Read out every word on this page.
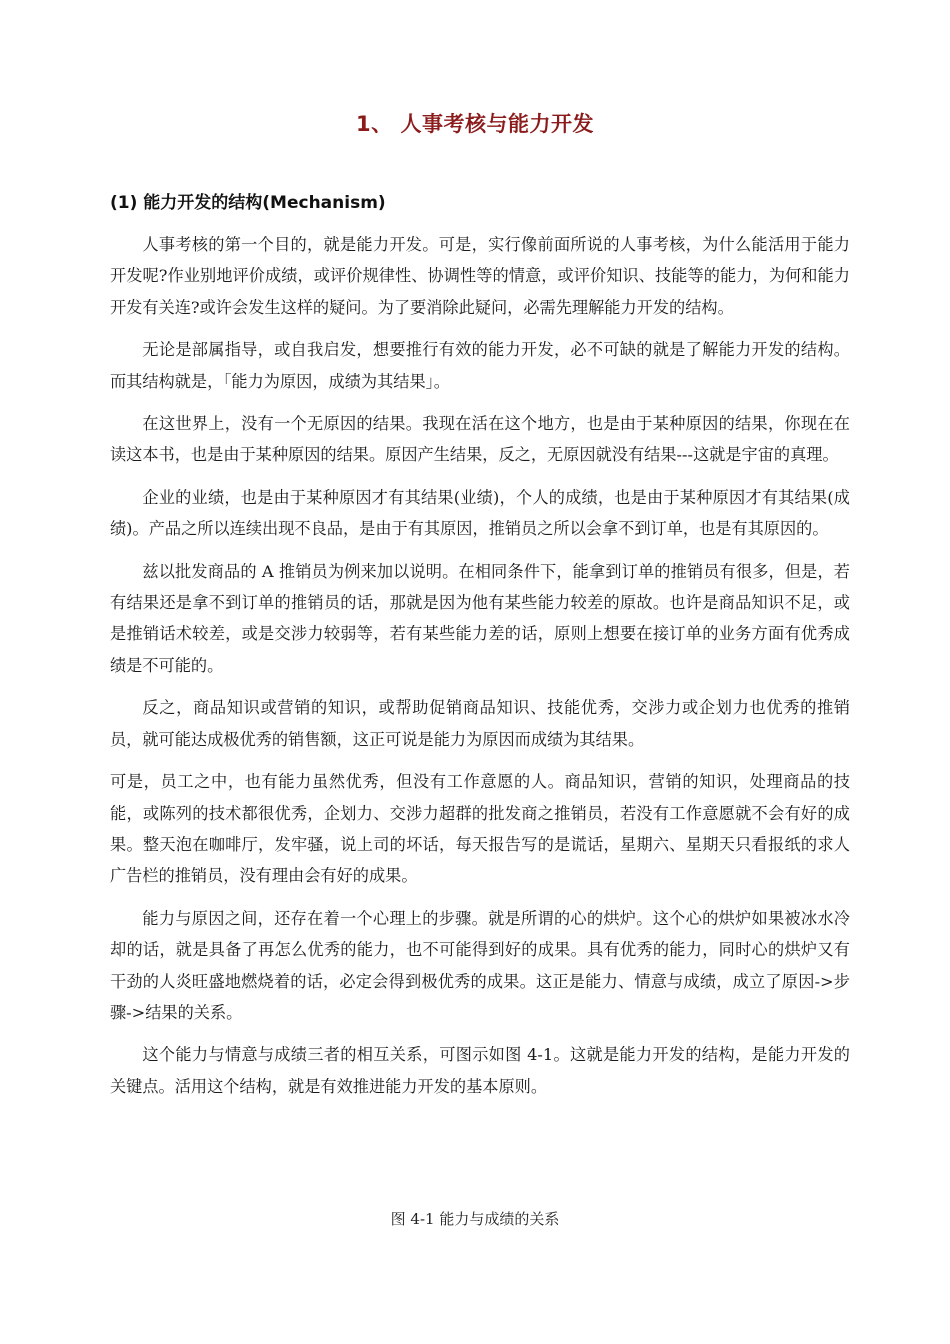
1、 人事考核与能力开发
(1) 能力开发的结构(Mechanism)

人事考核的第一个目的，就是能力开发。可是，实行像前面所说的人事考核，为什么能活用于能力开发呢?作业别地评价成绩，或评价规律性、协调性等的情意，或评价知识、技能等的能力，为何和能力开发有关连?或许会发生这样的疑问。为了要消除此疑问，必需先理解能力开发的结构。

无论是部属指导，或自我启发，想要推行有效的能力开发，必不可缺的就是了解能力开发的结构。而其结构就是，「能力为原因，成绩为其结果」。

在这世界上，没有一个无原因的结果。我现在活在这个地方，也是由于某种原因的结果，你现在在读这本书，也是由于某种原因的结果。原因产生结果，反之，无原因就没有结果---这就是宇宙的真理。

企业的业绩，也是由于某种原因才有其结果(业绩)，个人的成绩，也是由于某种原因才有其结果(成绩)。产品之所以连续出现不良品，是由于有其原因，推销员之所以会拿不到订单，也是有其原因的。

兹以批发商品的 A 推销员为例来加以说明。在相同条件下，能拿到订单的推销员有很多，但是，若有结果还是拿不到订单的推销员的话，那就是因为他有某些能力较差的原故。也许是商品知识不足，或是推销话术较差，或是交涉力较弱等，若有某些能力差的话，原则上想要在接订单的业务方面有优秀成绩是不可能的。

反之，商品知识或营销的知识，或帮助促销商品知识、技能优秀，交涉力或企划力也优秀的推销员，就可能达成极优秀的销售额，这正可说是能力为原因而成绩为其结果。

可是，员工之中，也有能力虽然优秀，但没有工作意愿的人。商品知识，营销的知识，处理商品的技能，或陈列的技术都很优秀，企划力、交涉力超群的批发商之推销员，若没有工作意愿就不会有好的成果。整天泡在咖啡厅，发牢骚，说上司的坏话，每天报告写的是谎话，星期六、星期天只看报纸的求人广告栏的推销员，没有理由会有好的成果。

能力与原因之间，还存在着一个心理上的步骤。就是所谓的心的烘炉。这个心的烘炉如果被冰水冷却的话，就是具备了再怎么优秀的能力，也不可能得到好的成果。具有优秀的能力，同时心的烘炉又有干劲的人炎旺盛地燃烧着的话，必定会得到极优秀的成果。这正是能力、情意与成绩，成立了原因->步骤->结果的关系。

这个能力与情意与成绩三者的相互关系，可图示如图 4-1。这就是能力开发的结构，是能力开发的关键点。活用这个结构，就是有效推进能力开发的基本原则。

图 4-1 能力与成绩的关系
